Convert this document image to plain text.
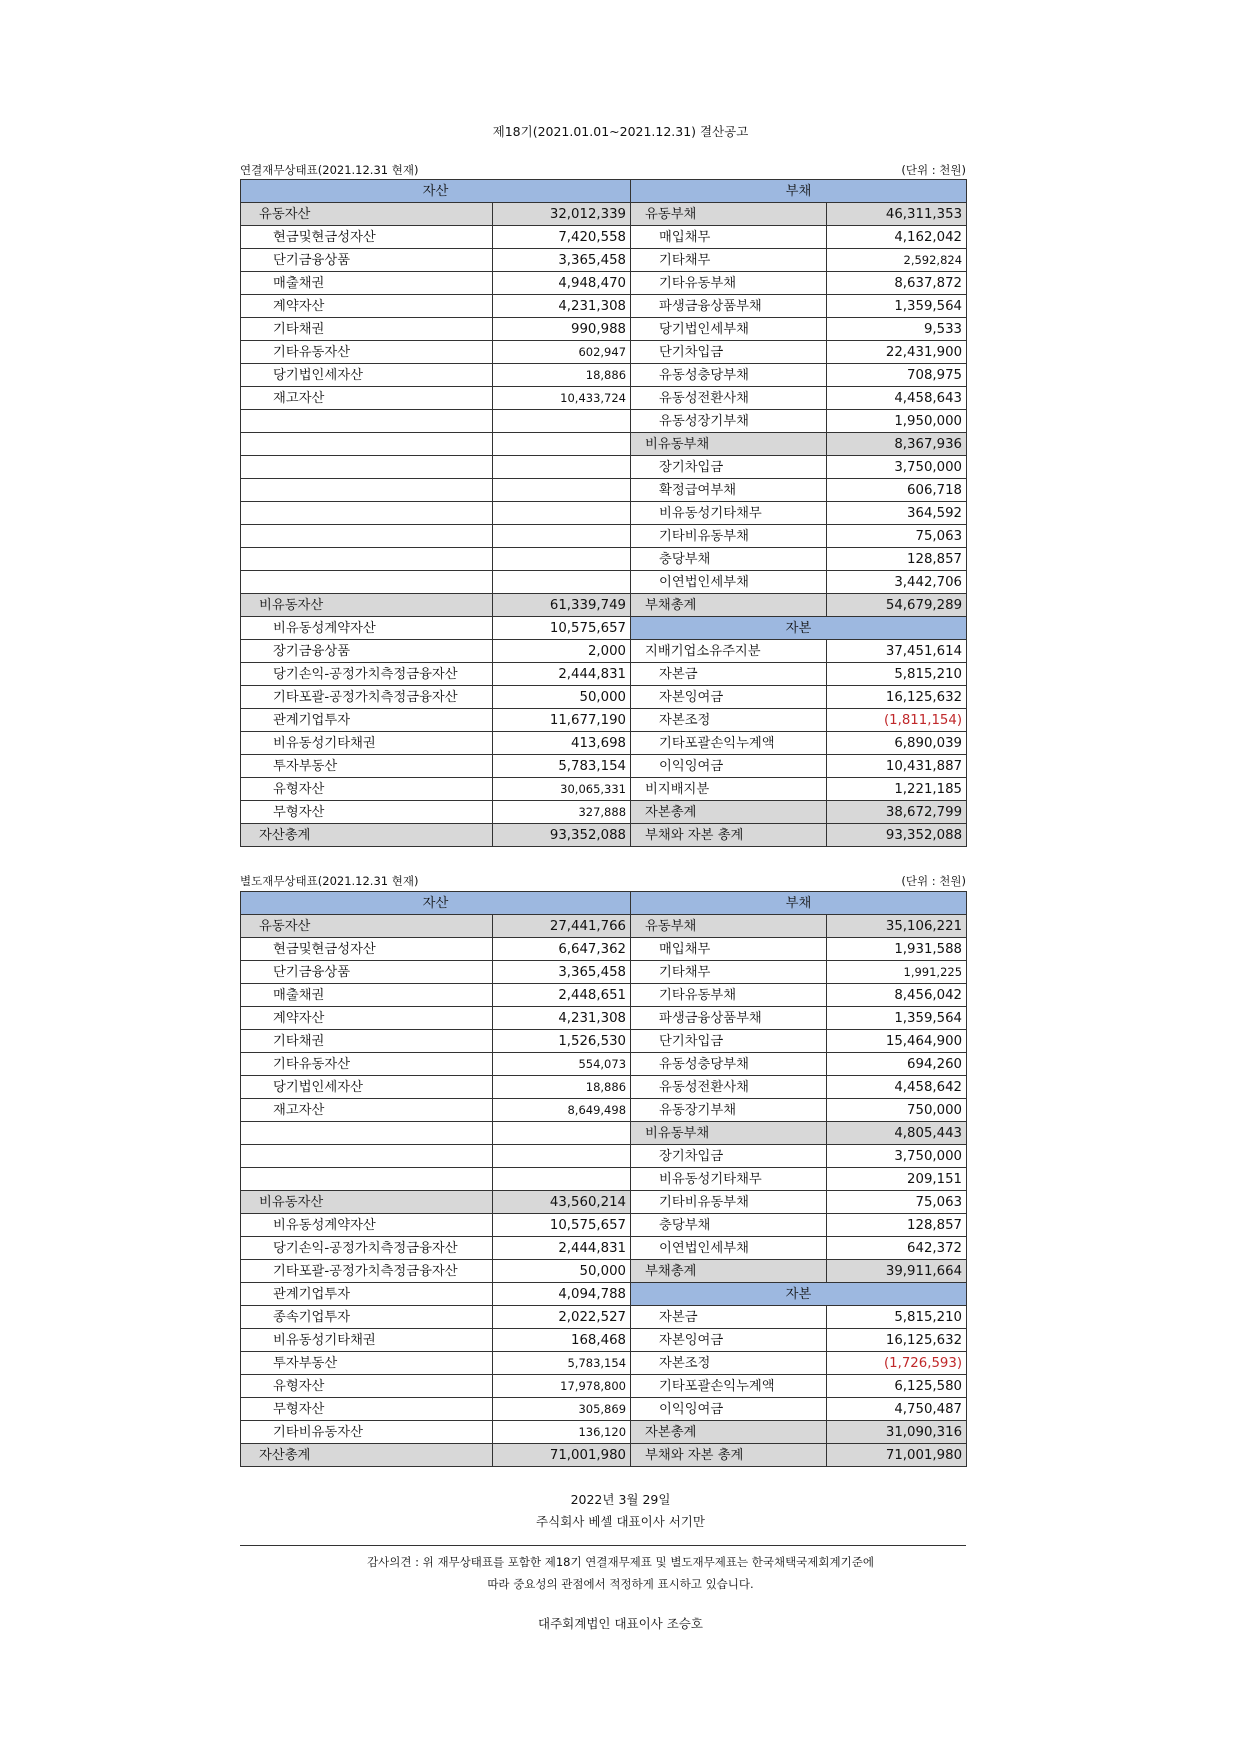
제18기(2021.01.01~2021.12.31) 결산공고
연결재무상태표(2021.12.31 현재)	(단위 : 천원)
자산		부채	
유동자산	32,012,339	유동부채	46,311,353
현금및현금성자산	7,420,558	매입채무	4,162,042
단기금융상품	3,365,458	기타채무	2,592,824
매출채권	4,948,470	기타유동부채	8,637,872
계약자산	4,231,308	파생금융상품부채	1,359,564
기타채권	990,988	당기법인세부채	9,533
기타유동자산	602,947	단기차입금	22,431,900
당기법인세자산	18,886	유동성충당부채	708,975
재고자산	10,433,724	유동성전환사채	4,458,643
		유동성장기부채	1,950,000
		비유동부채	8,367,936
		장기차입금	3,750,000
		확정급여부채	606,718
		비유동성기타채무	364,592
		기타비유동부채	75,063
		충당부채	128,857
		이연법인세부채	3,442,706
비유동자산	61,339,749	부채총계	54,679,289
비유동성계약자산	10,575,657	자본	
장기금융상품	2,000	지배기업소유주지분	37,451,614
당기손익-공정가치측정금융자산	2,444,831	자본금	5,815,210
기타포괄-공정가치측정금융자산	50,000	자본잉여금	16,125,632
관계기업투자	11,677,190	자본조정	(1,811,154)
비유동성기타채권	413,698	기타포괄손익누계액	6,890,039
투자부동산	5,783,154	이익잉여금	10,431,887
유형자산	30,065,331	비지배지분	1,221,185
무형자산	327,888	자본총계	38,672,799
자산총계	93,352,088	부채와 자본 총계	93,352,088
별도재무상태표(2021.12.31 현재)	(단위 : 천원)
자산		부채	
유동자산	27,441,766	유동부채	35,106,221
현금및현금성자산	6,647,362	매입채무	1,931,588
단기금융상품	3,365,458	기타채무	1,991,225
매출채권	2,448,651	기타유동부채	8,456,042
계약자산	4,231,308	파생금융상품부채	1,359,564
기타채권	1,526,530	단기차입금	15,464,900
기타유동자산	554,073	유동성충당부채	694,260
당기법인세자산	18,886	유동성전환사채	4,458,642
재고자산	8,649,498	유동장기부채	750,000
		비유동부채	4,805,443
		장기차입금	3,750,000
		비유동성기타채무	209,151
비유동자산	43,560,214	기타비유동부채	75,063
비유동성계약자산	10,575,657	충당부채	128,857
당기손익-공정가치측정금융자산	2,444,831	이연법인세부채	642,372
기타포괄-공정가치측정금융자산	50,000	부채총계	39,911,664
관계기업투자	4,094,788	자본	
종속기업투자	2,022,527	자본금	5,815,210
비유동성기타채권	168,468	자본잉여금	16,125,632
투자부동산	5,783,154	자본조정	(1,726,593)
유형자산	17,978,800	기타포괄손익누계액	6,125,580
무형자산	305,869	이익잉여금	4,750,487
기타비유동자산	136,120	자본총계	31,090,316
자산총계	71,001,980	부채와 자본 총계	71,001,980
2022년 3월 29일
주식회사 베셀 대표이사 서기만
감사의견 : 위 재무상태표를 포함한 제18기 연결재무제표 및 별도재무제표는 한국채택국제회계기준에
따라 중요성의 관점에서 적정하게 표시하고 있습니다.
대주회계법인 대표이사 조승호
